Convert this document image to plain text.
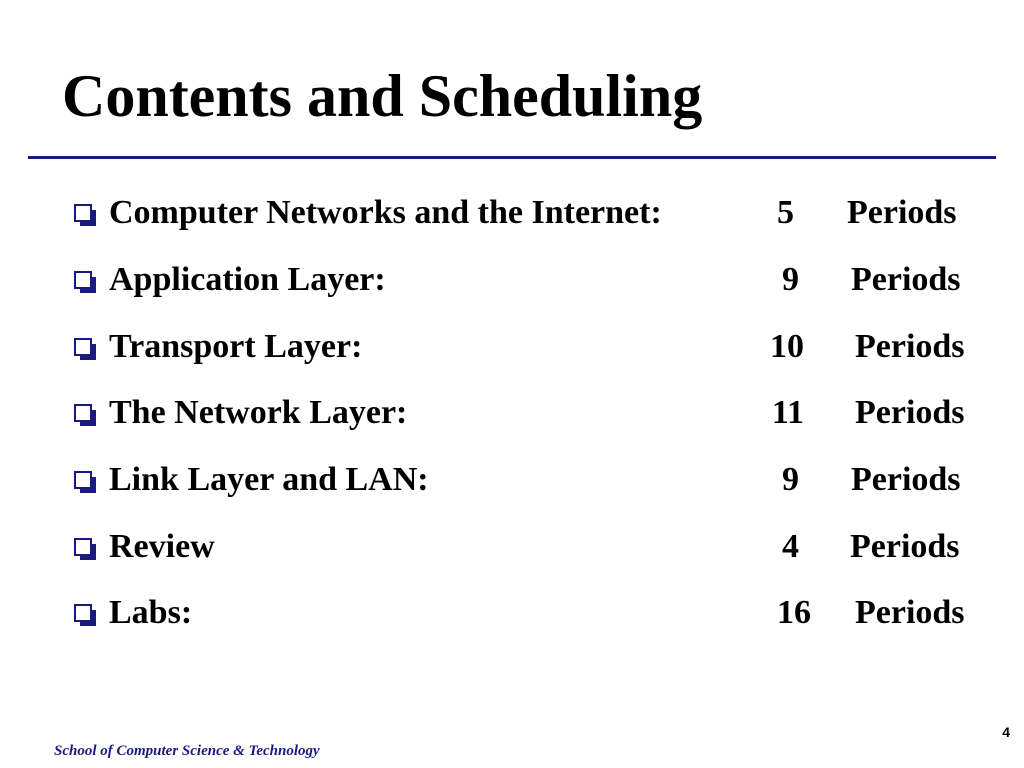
Contents and Scheduling
Computer Networks and the Internet:	5 Periods
Application Layer:	9 Periods
Transport Layer:	10 Periods
The Network Layer:	11 Periods
Link Layer and LAN:	9 Periods
Review	4 Periods
Labs:	16 Periods
School of Computer Science & Technology
4
